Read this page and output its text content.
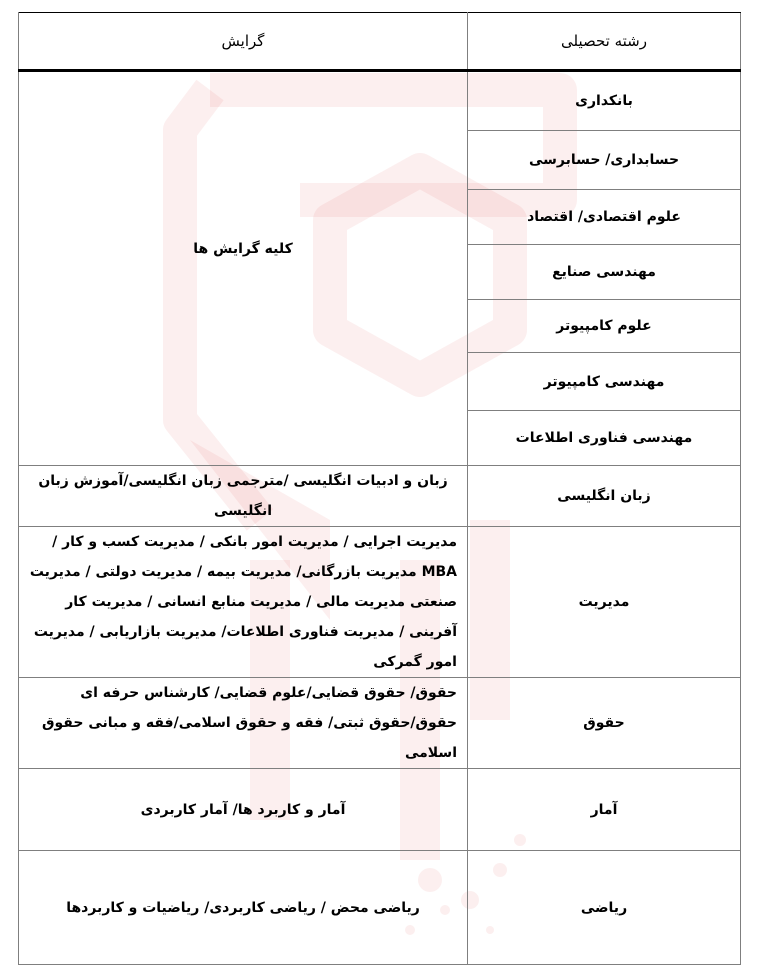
رشته تحصیلی	گرایش
بانکداری	کلیه گرایش ها
حسابداری/ حسابرسی	
علوم اقتصادی/ اقتصاد	
مهندسی صنایع	
علوم کامپیوتر	
مهندسی کامپیوتر	
مهندسی فناوری اطلاعات	
زبان انگلیسی	زبان و ادبیات انگلیسی /مترجمی زبان انگلیسی/آموزش زبان انگلیسی
مدیریت	مدیریت اجرایی / مدیریت امور بانکی / مدیریت کسب و کار / MBA مدیریت بازرگانی/ مدیریت بیمه / مدیریت دولتی / مدیریت صنعتی مدیریت مالی / مدیریت منابع انسانی / مدیریت کار آفرینی / مدیریت فناوری اطلاعات/ مدیریت بازاریابی / مدیریت امور گمرکی
حقوق	حقوق/ حقوق قضایی/علوم قضایی/ کارشناس حرفه ای حقوق/حقوق ثبتی/ فقه و حقوق اسلامی/فقه و مبانی حقوق اسلامی
آمار	آمار و کاربرد ها/ آمار کاربردی
ریاضی	ریاضی محض / ریاضی کاربردی/ ریاضیات و کاربردها
